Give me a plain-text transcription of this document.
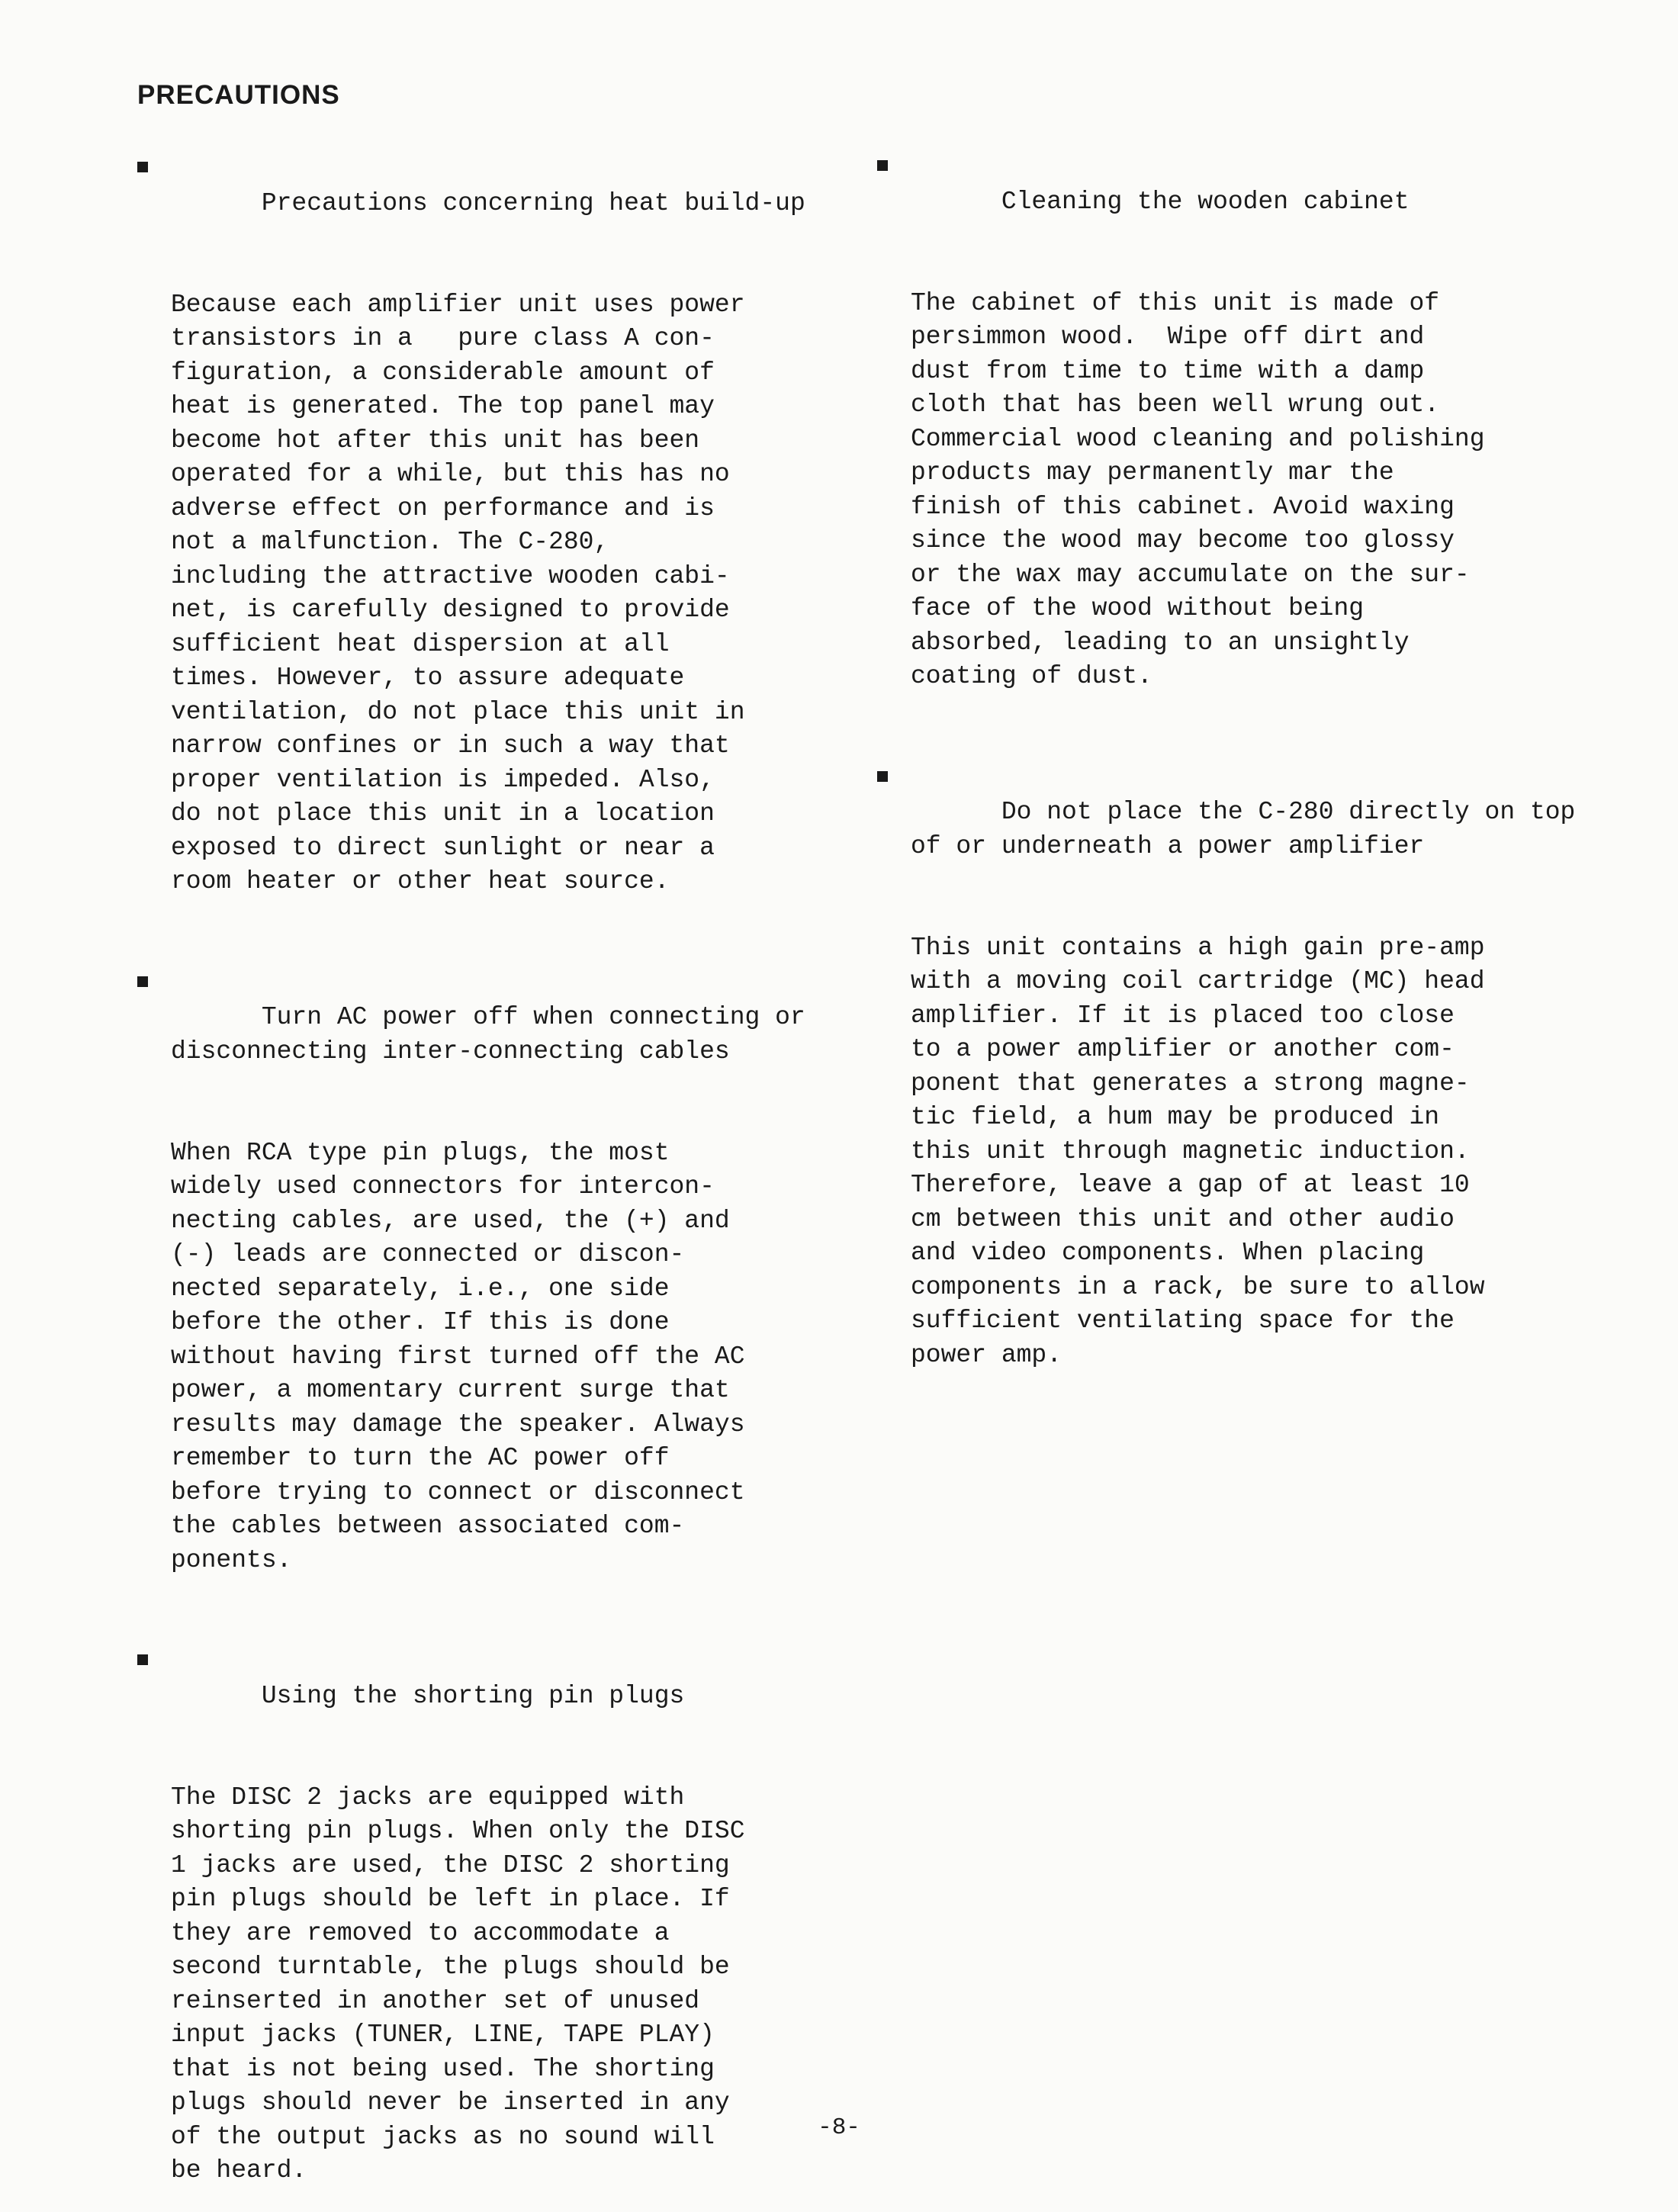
PRECAUTIONS

Precautions concerning heat build-up

Because each amplifier unit uses power
transistors in a   pure class A con-
figuration, a considerable amount of
heat is generated. The top panel may
become hot after this unit has been
operated for a while, but this has no
adverse effect on performance and is
not a malfunction. The C-280,
including the attractive wooden cabi-
net, is carefully designed to provide
sufficient heat dispersion at all
times. However, to assure adequate
ventilation, do not place this unit in
narrow confines or in such a way that
proper ventilation is impeded. Also,
do not place this unit in a location
exposed to direct sunlight or near a
room heater or other heat source.

Turn AC power off when connecting or
disconnecting inter-connecting cables

When RCA type pin plugs, the most
widely used connectors for intercon-
necting cables, are used, the (+) and
(-) leads are connected or discon-
nected separately, i.e., one side
before the other. If this is done
without having first turned off the AC
power, a momentary current surge that
results may damage the speaker. Always
remember to turn the AC power off
before trying to connect or disconnect
the cables between associated com-
ponents.

Using the shorting pin plugs

The DISC 2 jacks are equipped with
shorting pin plugs. When only the DISC
1 jacks are used, the DISC 2 shorting
pin plugs should be left in place. If
they are removed to accommodate a
second turntable, the plugs should be
reinserted in another set of unused
input jacks (TUNER, LINE, TAPE PLAY)
that is not being used. The shorting
plugs should never be inserted in any
of the output jacks as no sound will
be heard.

Cleaning the wooden cabinet

The cabinet of this unit is made of
persimmon wood.  Wipe off dirt and
dust from time to time with a damp
cloth that has been well wrung out.
Commercial wood cleaning and polishing
products may permanently mar the
finish of this cabinet. Avoid waxing
since the wood may become too glossy
or the wax may accumulate on the sur-
face of the wood without being
absorbed, leading to an unsightly
coating of dust.

Do not place the C-280 directly on top
of or underneath a power amplifier

This unit contains a high gain pre-amp
with a moving coil cartridge (MC) head
amplifier. If it is placed too close
to a power amplifier or another com-
ponent that generates a strong magne-
tic field, a hum may be produced in
this unit through magnetic induction.
Therefore, leave a gap of at least 10
cm between this unit and other audio
and video components. When placing
components in a rack, be sure to allow
sufficient ventilating space for the
power amp.
-8-
